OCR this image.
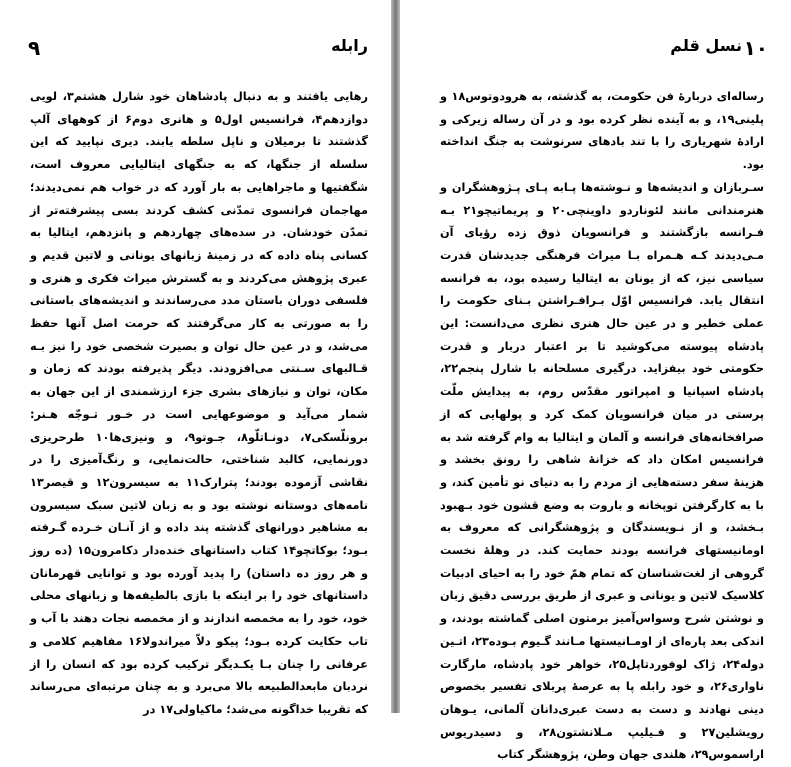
رابله
۹

رهایی یافتند و به دنبال پادشاهان خود شارل هشتم۳، لویی دوازدهم۴، فرانسیس اول۵ و هانری دوم۶ از کوههای آلپ گذشتند تا برمیلان و ناپل سلطه یابند. دیری نپایید که این سلسله از جنگها، که به جنگهای ایتالیایی معروف است، شگفتیها و ماجراهایی به بار آورد که در خواب هم نمی‌دیدند؛ مهاجمان فرانسوی تمدّنی کشف کردند بسی پیشرفته‌تر از تمدّن خودشان. در سده‌های چهاردهم و پانزدهم، ایتالیا به کسانی پناه داده که در زمینهٔ زبانهای یونانی و لاتین قدیم و عبری پژوهش می‌کردند و به گسترش میراث فکری و هنری و فلسفی دوران باستان مدد می‌رساندند و اندیشه‌های باستانی را به صورتی به کار می‌گرفتند که حرمت اصل آنها حفظ می‌شد، و در عین حال توان و بصیرت شخصی خود را نیز بـه قـالبهای سـنتی می‌افزودند. دیگر پذیرفته بودند که زمان و مکان، توان و نیازهای بشری جزء ارزشمندی از این جهان به شمار می‌آید و موضوعهایی است در خـور تـوجّه هـنر: برونلّسکی۷، دونـاتلّو۸، جـوتو۹، و ونیزی‌ها۱۰ طرحریزی دورنمایی، کالبد شناختی، حالت‌نمایی، و رنگ‌آمیزی را در نقاشی آزموده بودند؛ پترارک۱۱ به سیسرون۱۲ و قیصر۱۳ نامه‌های دوستانه نوشته بود و به زبان لاتین سبک سیسرون به مشاهیر دورانهای گذشته پند داده و از آنـان خـرده گـرفته بـود؛ بوکاتچو۱۴ کتاب داستانهای خنده‌دار دکامرون۱۵ (ده روز و هر روز ده داستان) را پدید آورده بود و توانایی قهرمانان داستانهای خود را بر اینکه با بازی بالطیفه‌ها و زبانهای محلی خود، خود را به مخمصه اندازند و از مخمصه نجات دهند با آب و تاب حکایت کرده بـود؛ پیکو دلاّ میراندولا۱۶ مفاهیم کلامی و عرفانی را چنان بـا یکـدیگر ترکیب کرده بود که انسان را از نردبان مابعدالطبیعه بالا می‌برد و به چنان مرتبه‌ای می‌رساند که تقریبا خداگونه می‌شد؛ ماکیاولی۱۷ در

۱۰
نسل قلم

رساله‌ای دربارهٔ فن حکومت، به گذشته، به هرودوتوس۱۸ و پلینی۱۹، و به آینده نظر کرده بود و در آن رساله زیرکی و ارادهٔ شهریاری را با تند بادهای سرنوشت به جنگ انداخته بود.

سـربازان و اندیشه‌ها و نـوشته‌ها پـابه پـای پـژوهشگران و هنرمندانی مانند لئوناردو داوینچی۲۰ و پریماتیچو۲۱ بـه فـرانسه بازگشتند و فرانسویان ذوق زده رؤیای آن مـی‌دیدند کـه هـمراه بـا میراث فرهنگی جدیدشان قدرت سیاسی نیز، که از یونان به ایتالیا رسیده بود، به فرانسه انتقال یابد. فرانسیس اوّل بـرافـراشتن بـنای حکومت را عملی خطیر و در عین حال هنری نظری می‌دانست: این پادشاه پیوسته می‌کوشید تا بر اعتبار دربار و قدرت حکومتی خود بیفزاید. درگیری مسلحانه با شارل پنجم۲۲، پادشاه اسپانیا و امپراتور مقدّس روم، به پیدایش ملّت پرستی در میان فرانسویان کمک کرد و پولهایی که از صرافخانه‌های فرانسه و آلمان و ایتالیا به وام گرفته شد به فرانسیس امکان داد که خزانهٔ شاهی را رونق بخشد و هزینهٔ سفر دسته‌هایی از مردم را به دنیای نو تأمین کند، و با به کارگرفتن توپخانه و باروت به وضع قشون خود بـهبود بـخشد، و از نـویسندگان و پژوهشگرانی که معروف به اومانیستهای فرانسه بودند حمایت کند. در وهلهٔ نخست گروهی از لغت‌شناسان که تمام همّ خود را به احیای ادبیات کلاسیک لاتین و یونانی و عبری از طریق بررسی دقیق زبان و نوشتن شرح وسواس‌آمیز برمتون اصلی گماشته بودند، و اندکی بعد پاره‌ای از اومـانیستها مـانند گـیوم بـوده۲۳، اتـین دوله۲۴، ژاک لوفوردتاپل۲۵، خواهر خود پادشاه، مارگارت ناواری۲۶، و خود رابله پا به عرصهٔ پربلای تفسیر بخصوص دینی نهادند و دست به دست عبری‌دانان آلمانی، یـوهان رویشلین۲۷ و فـیلیپ مـلانشتون۲۸، و دسیدریوس اراسموس۲۹، هلندی جهان وطن، پژوهشگر کتاب
